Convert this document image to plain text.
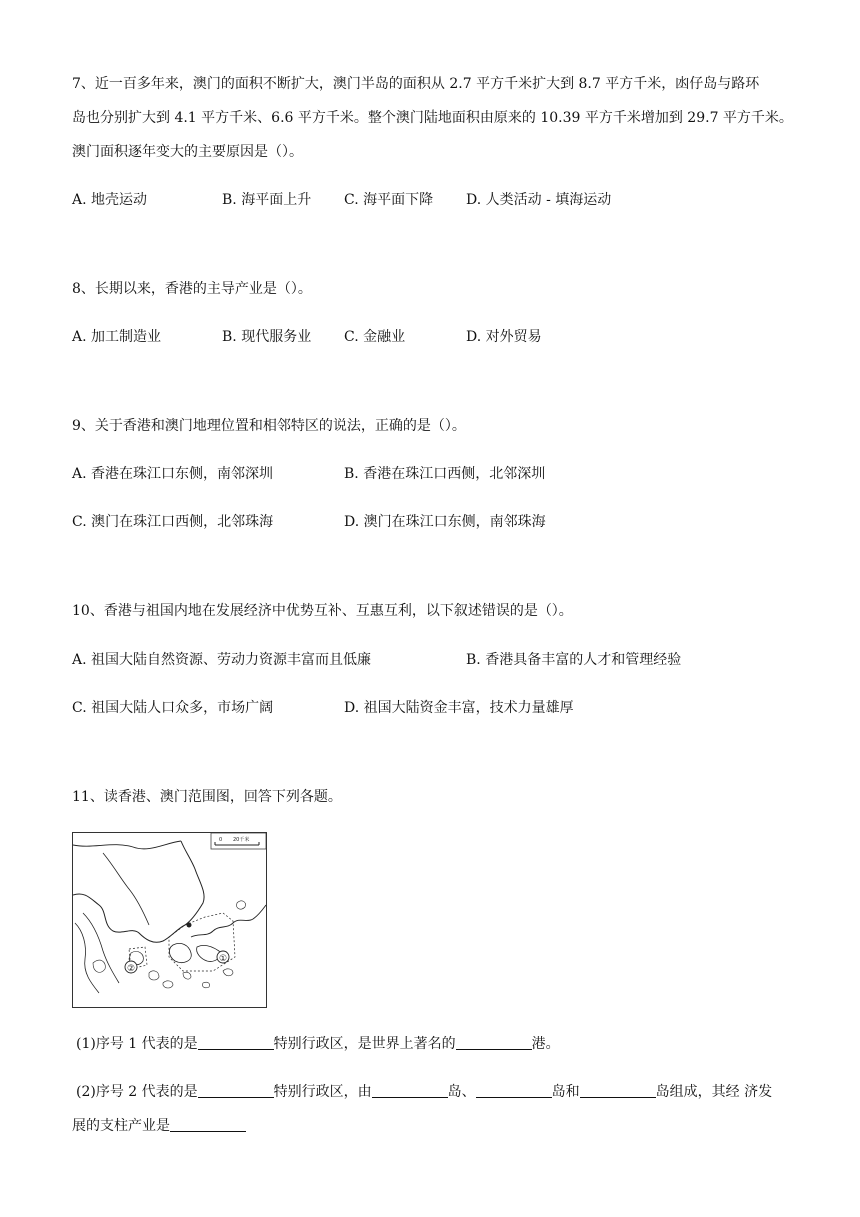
7、近一百多年来，澳门的面积不断扩大，澳门半岛的面积从 2.7 平方千米扩大到 8.7 平方千米，凼仔岛与路环
岛也分别扩大到 4.1 平方千米、6.6 平方千米。整个澳门陆地面积由原来的 10.39 平方千米增加到 29.7 平方千米。
澳门面积逐年变大的主要原因是（）。
A. 地壳运动	B. 海平面上升 C. 海平面下降 D. 人类活动 - 填海运动
8、长期以来，香港的主导产业是（）。
A. 加工制造业	B. 现代服务业 C. 金融业	D. 对外贸易
9、关于香港和澳门地理位置和相邻特区的说法，正确的是（）。
A. 香港在珠江口东侧，南邻深圳	B. 香港在珠江口西侧，北邻深圳
C. 澳门在珠江口西侧，北邻珠海	D. 澳门在珠江口东侧，南邻珠海
10、香港与祖国内地在发展经济中优势互补、互惠互利，以下叙述错误的是（）。
A. 祖国大陆自然资源、劳动力资源丰富而且低廉	B. 香港具备丰富的人才和管理经验
C. 祖国大陆人口众多，市场广阔	D. 祖国大陆资金丰富，技术力量雄厚
11、读香港、澳门范围图，回答下列各题。
0 20千米
①
②
(1)序号 1 代表的是	特别行政区，是世界上著名的	港。
(2)序号 2 代表的是	特别行政区，由	岛、	岛和	岛组成，其经 济发
展的支柱产业是
